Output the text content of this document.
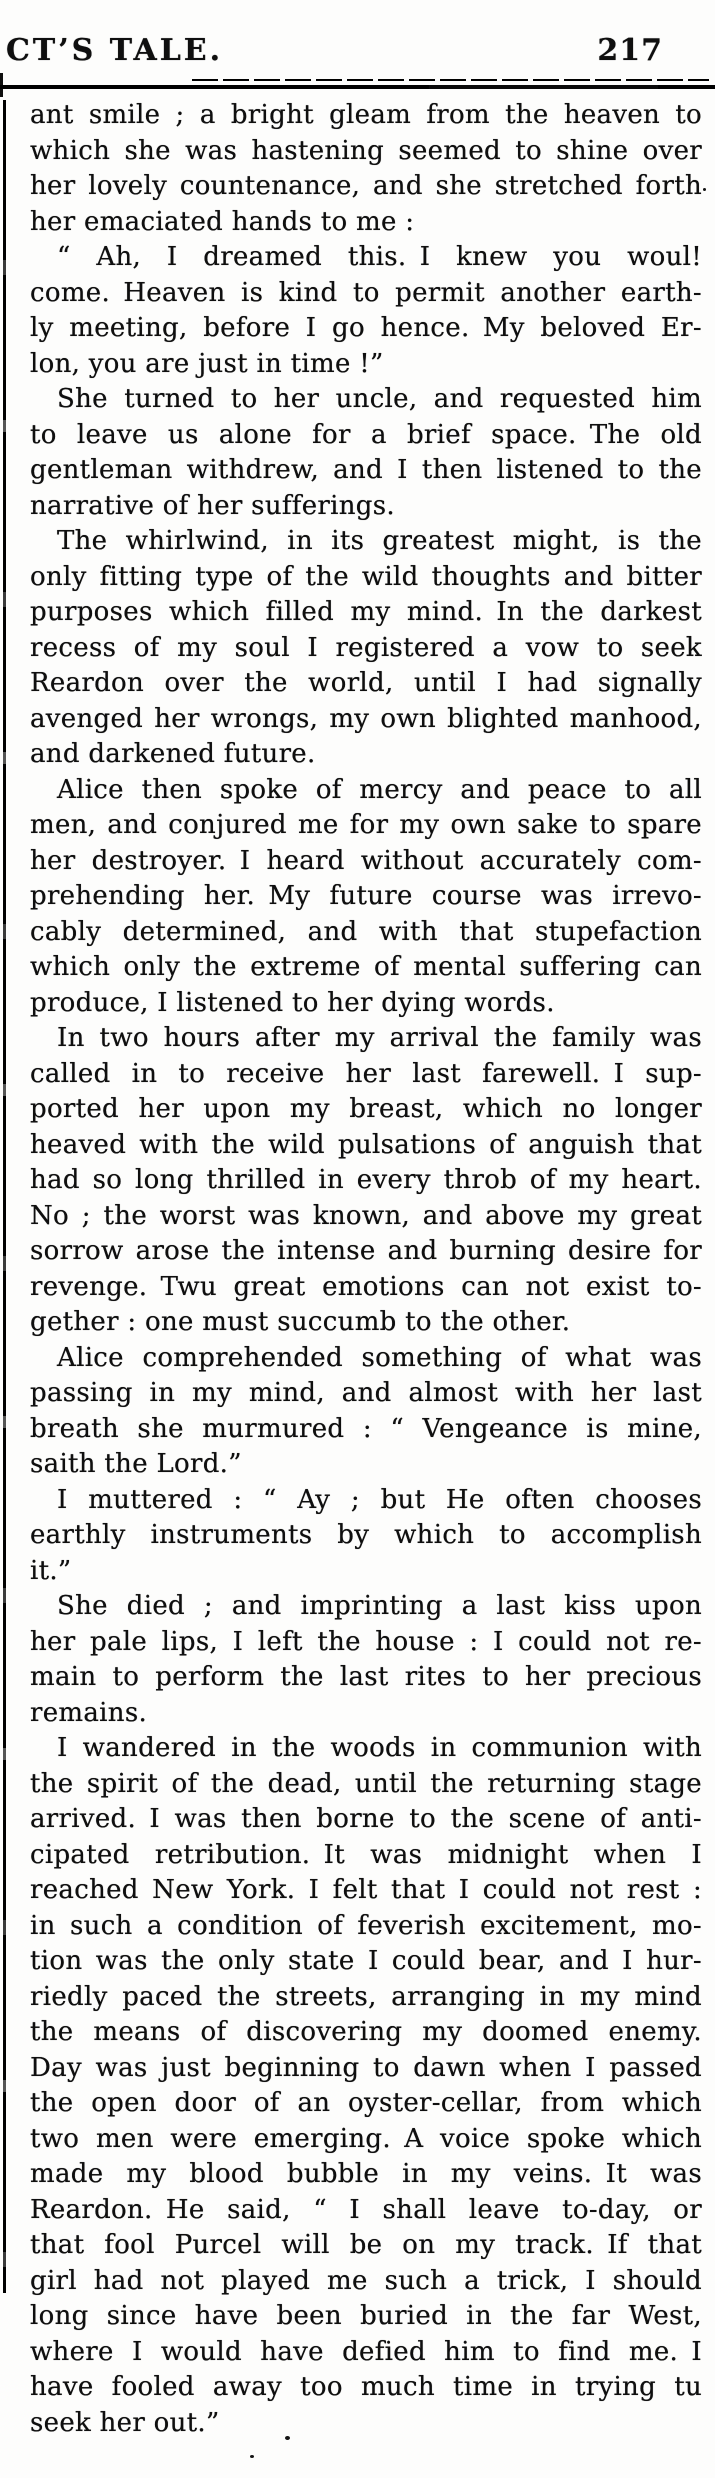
CT’S TALE.	217
ant smile ; a bright gleam from the heaven to
which she was hastening seemed to shine over
her lovely countenance, and she stretched forth
her emaciated hands to me :
“ Ah, I dreamed this. I knew you woul!
come. Heaven is kind to permit another earth-
ly meeting, before I go hence. My beloved Er-
lon, you are just in time !”
She turned to her uncle, and requested him
to leave us alone for a brief space. The old
gentleman withdrew, and I then listened to the
narrative of her sufferings.
The whirlwind, in its greatest might, is the
only fitting type of the wild thoughts and bitter
purposes which filled my mind. In the darkest
recess of my soul I registered a vow to seek
Reardon over the world, until I had signally
avenged her wrongs, my own blighted manhood,
and darkened future.
Alice then spoke of mercy and peace to all
men, and conjured me for my own sake to spare
her destroyer. I heard without accurately com-
prehending her. My future course was irrevo-
cably determined, and with that stupefaction
which only the extreme of mental suffering can
produce, I listened to her dying words.
In two hours after my arrival the family was
called in to receive her last farewell. I sup-
ported her upon my breast, which no longer
heaved with the wild pulsations of anguish that
had so long thrilled in every throb of my heart.
No ; the worst was known, and above my great
sorrow arose the intense and burning desire for
revenge. Twu great emotions can not exist to-
gether : one must succumb to the other.
Alice comprehended something of what was
passing in my mind, and almost with her last
breath she murmured : “ Vengeance is mine,
saith the Lord.”
I muttered : “ Ay ; but He often chooses
earthly instruments by which to accomplish
it.”
She died ; and imprinting a last kiss upon
her pale lips, I left the house : I could not re-
main to perform the last rites to her precious
remains.
I wandered in the woods in communion with
the spirit of the dead, until the returning stage
arrived. I was then borne to the scene of anti-
cipated retribution. It was midnight when I
reached New York. I felt that I could not rest :
in such a condition of feverish excitement, mo-
tion was the only state I could bear, and I hur-
riedly paced the streets, arranging in my mind
the means of discovering my doomed enemy.
Day was just beginning to dawn when I passed
the open door of an oyster-cellar, from which
two men were emerging. A voice spoke which
made my blood bubble in my veins. It was
Reardon. He said, “ I shall leave to-day, or
that fool Purcel will be on my track. If that
girl had not played me such a trick, I should
long since have been buried in the far West,
where I would have defied him to find me. I
have fooled away too much time in trying tu
seek her out.”
